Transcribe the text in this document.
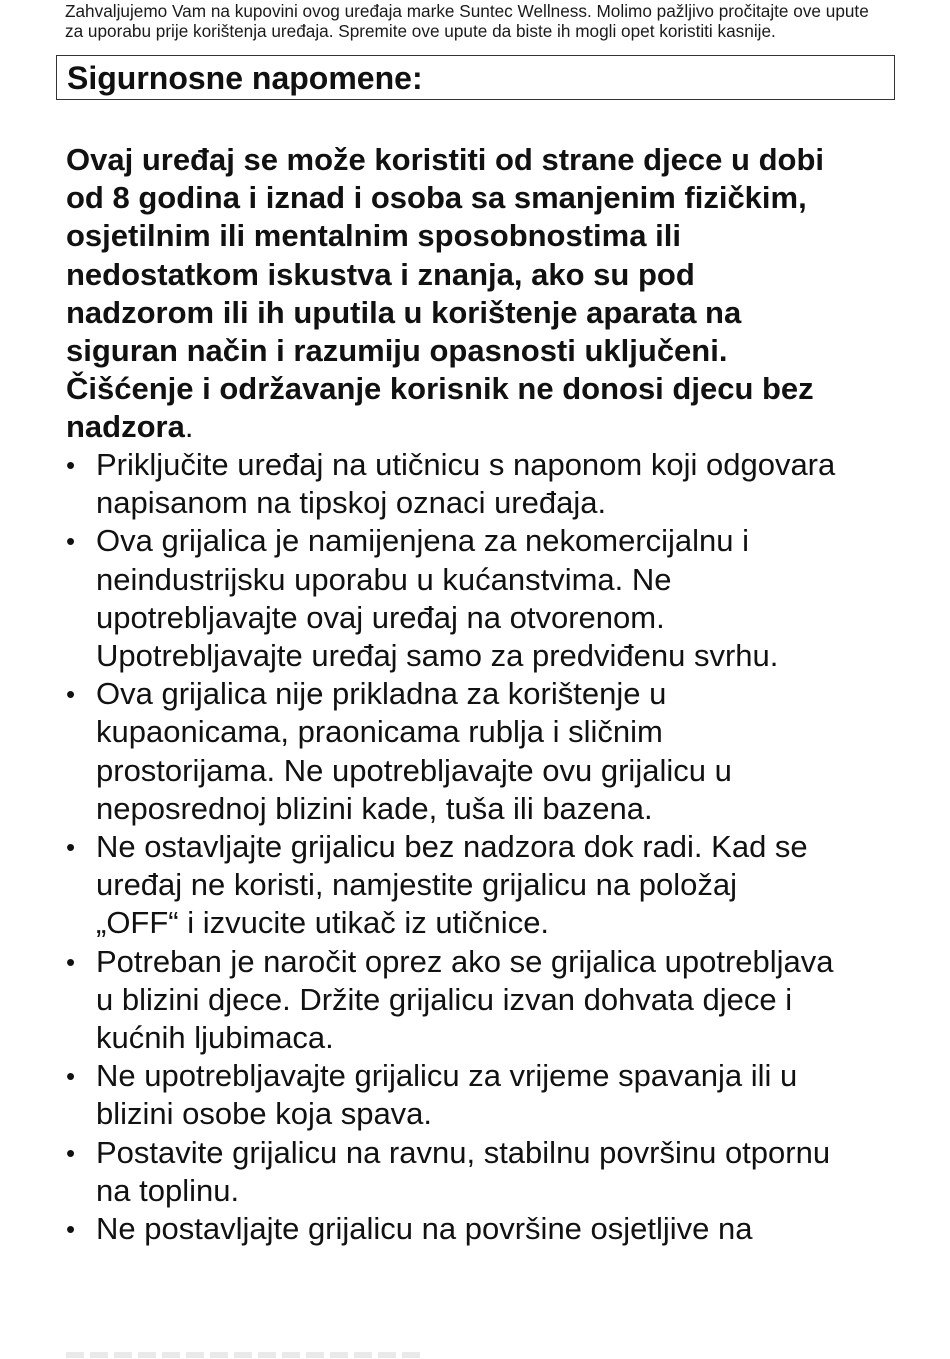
Zahvaljujemo Vam na kupovini ovog uređaja marke Suntec Wellness. Molimo pažljivo pročitajte ove upute

za uporabu prije korištenja uređaja. Spremite ove upute da biste ih mogli opet koristiti kasnije.

Sigurnosne napomene:

Ovaj uređaj se može koristiti od strane djece u dobi

od 8 godina i iznad i osoba sa smanjenim fizičkim,

osjetilnim ili mentalnim sposobnostima ili

nedostatkom iskustva i znanja, ako su pod

nadzorom ili ih uputila u korištenje aparata na

siguran način i razumiju opasnosti uključeni.

Čišćenje i održavanje korisnik ne donosi djecu bez

nadzora.

• Priključite uređaj na utičnicu s naponom koji odgovara
napisanom na tipskoj oznaci uređaja.
• Ova grijalica je namijenjena za nekomercijalnu i
neindustrijsku uporabu u kućanstvima. Ne
upotrebljavajte ovaj uređaj na otvorenom.
Upotrebljavajte uređaj samo za predviđenu svrhu.
• Ova grijalica nije prikladna za korištenje u
kupaonicama, praonicama rublja i sličnim
prostorijama. Ne upotrebljavajte ovu grijalicu u
neposrednoj blizini kade, tuša ili bazena.
• Ne ostavljajte grijalicu bez nadzora dok radi. Kad se
uređaj ne koristi, namjestite grijalicu na položaj
„OFF“ i izvucite utikač iz utičnice.
• Potreban je naročit oprez ako se grijalica upotrebljava
u blizini djece. Držite grijalicu izvan dohvata djece i
kućnih ljubimaca.
• Ne upotrebljavajte grijalicu za vrijeme spavanja ili u
blizini osobe koja spava.
• Postavite grijalicu na ravnu, stabilnu površinu otpornu
na toplinu.
• Ne postavljajte grijalicu na površine osjetljive na
